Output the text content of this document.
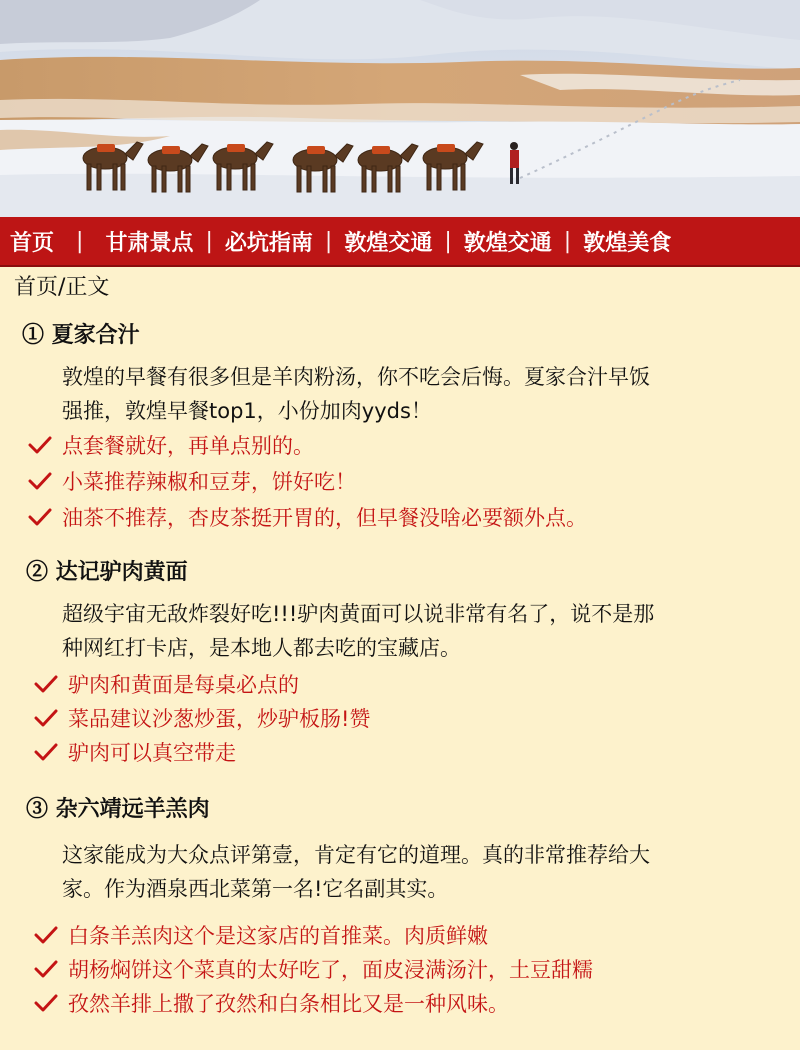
首页 | 甘肃景点 | 必坑指南 | 敦煌交通 | 敦煌交通 | 敦煌美食
首页/正文
① 夏家合汁
敦煌的早餐有很多但是羊肉粉汤，你不吃会后悔。夏家合汁早饭
强推，敦煌早餐top1，小份加肉yyds！
点套餐就好，再单点别的。
小菜推荐辣椒和豆芽，饼好吃！
油茶不推荐，杏皮茶挺开胃的，但早餐没啥必要额外点。
② 达记驴肉黄面
超级宇宙无敌炸裂好吃!!!驴肉黄面可以说非常有名了，说不是那
种网红打卡店，是本地人都去吃的宝藏店。
驴肉和黄面是每桌必点的
菜品建议沙葱炒蛋，炒驴板肠!赞
驴肉可以真空带走
③ 杂六靖远羊羔肉
这家能成为大众点评第壹，肯定有它的道理。真的非常推荐给大
家。作为酒泉西北菜第一名!它名副其实。
白条羊羔肉这个是这家店的首推菜。肉质鲜嫩
胡杨焖饼这个菜真的太好吃了，面皮浸满汤汁，土豆甜糯
孜然羊排上撒了孜然和白条相比又是一种风味。
